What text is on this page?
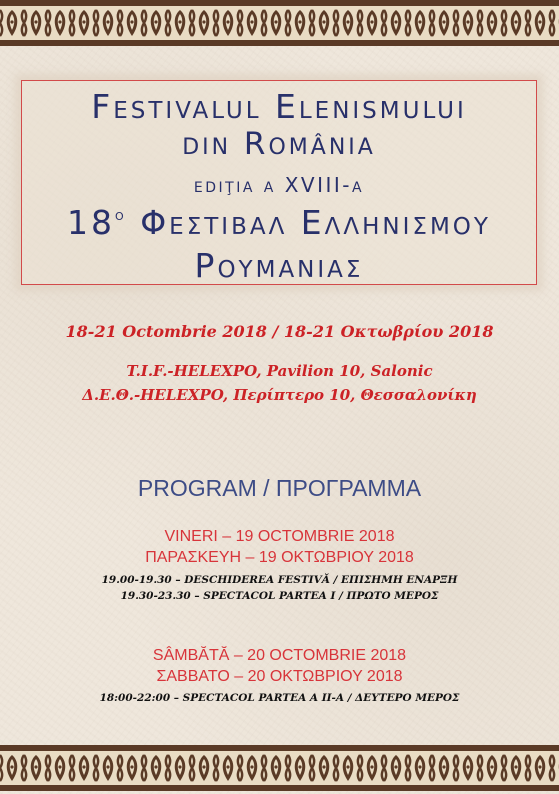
Festivalul Elenismului
din România
ediţia a XVIII-a
$18^o$ Φεστιβαλ Ελληνισμου
Ρουμανιας
18-21 Octombrie 2018 / 18-21 Οκτωβρίου 2018
T.I.F.-HELEXPO, Pavilion 10, Salonic
Δ.Ε.Θ.-HELEXPO, Περίπτερο 10, Θεσσαλονίκη
PROGRAM / ΠΡΟΓΡΑΜΜΑ
VINERI – 19 OCTOMBRIE 2018
ΠΑΡΑΣΚΕΥΗ – 19 ΟΚΤΩΒΡΙΟΥ 2018
19.00-19.30 – DESCHIDEREA FESTIVĂ / ΕΠΙΣΗΜΗ ΕΝΑΡΞΗ
19.30-23.30 – SPECTACOL PARTEA I / ΠΡΩΤΟ ΜΕΡΟΣ
SÂMBĂTĂ – 20 OCTOMBRIE 2018
ΣΑΒΒΑΤΟ – 20 ΟΚΤΩΒΡΙΟΥ 2018
18:00-22:00 – SPECTACOL PARTEA A II-A / ΔΕΥΤΕΡΟ ΜΕΡΟΣ
